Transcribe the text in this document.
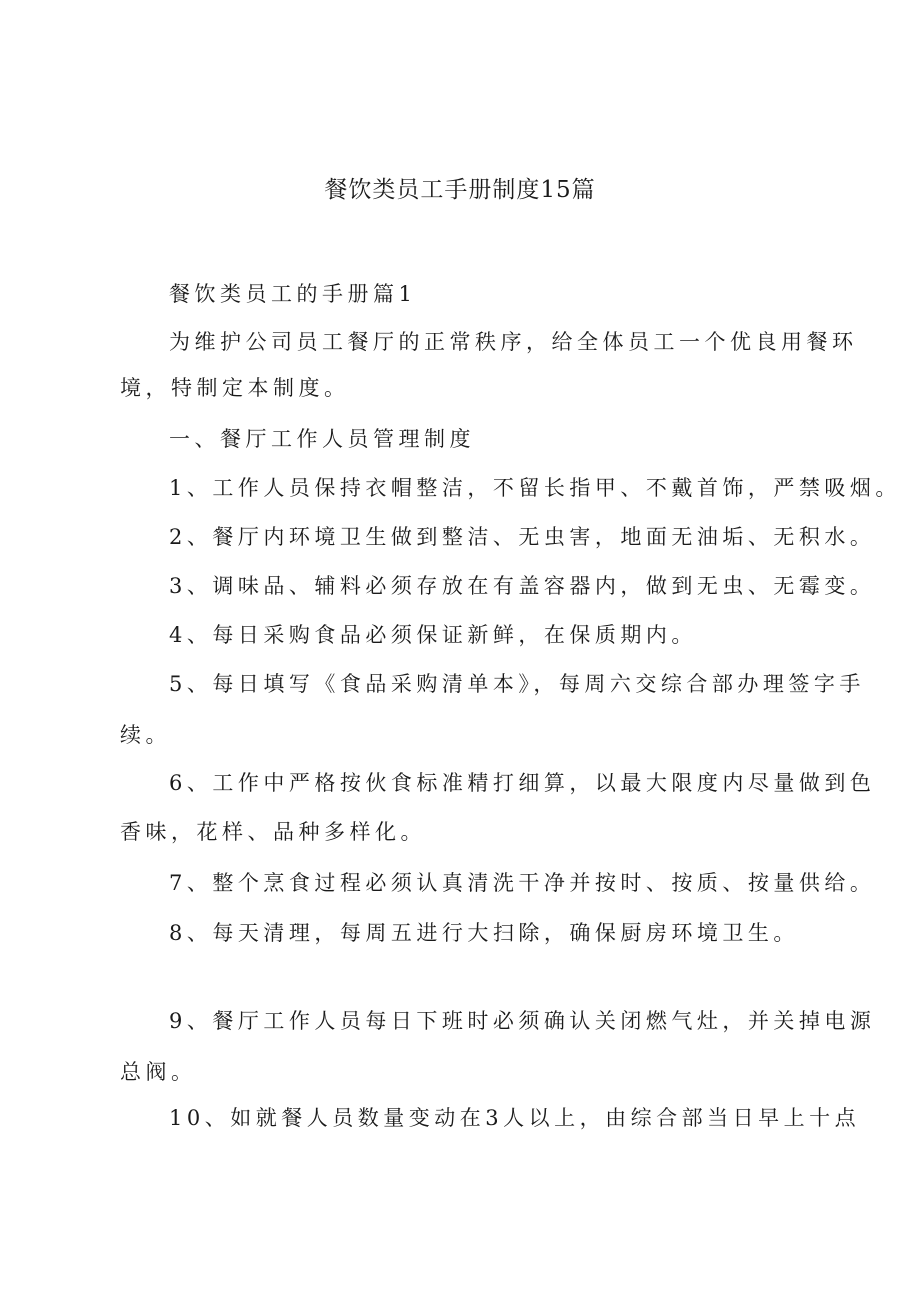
餐饮类员工手册制度15篇
餐饮类员工的手册篇1
为维护公司员工餐厅的正常秩序，给全体员工一个优良用餐环
境，特制定本制度。
一、餐厅工作人员管理制度
1、工作人员保持衣帽整洁，不留长指甲、不戴首饰，严禁吸烟。
2、餐厅内环境卫生做到整洁、无虫害，地面无油垢、无积水。
3、调味品、辅料必须存放在有盖容器内，做到无虫、无霉变。
4、每日采购食品必须保证新鲜，在保质期内。
5、每日填写《食品采购清单本》，每周六交综合部办理签字手
续。
6、工作中严格按伙食标准精打细算，以最大限度内尽量做到色
香味，花样、品种多样化。
7、整个烹食过程必须认真清洗干净并按时、按质、按量供给。
8、每天清理，每周五进行大扫除，确保厨房环境卫生。
9、餐厅工作人员每日下班时必须确认关闭燃气灶，并关掉电源
总阀。
10、如就餐人员数量变动在3人以上，由综合部当日早上十点
